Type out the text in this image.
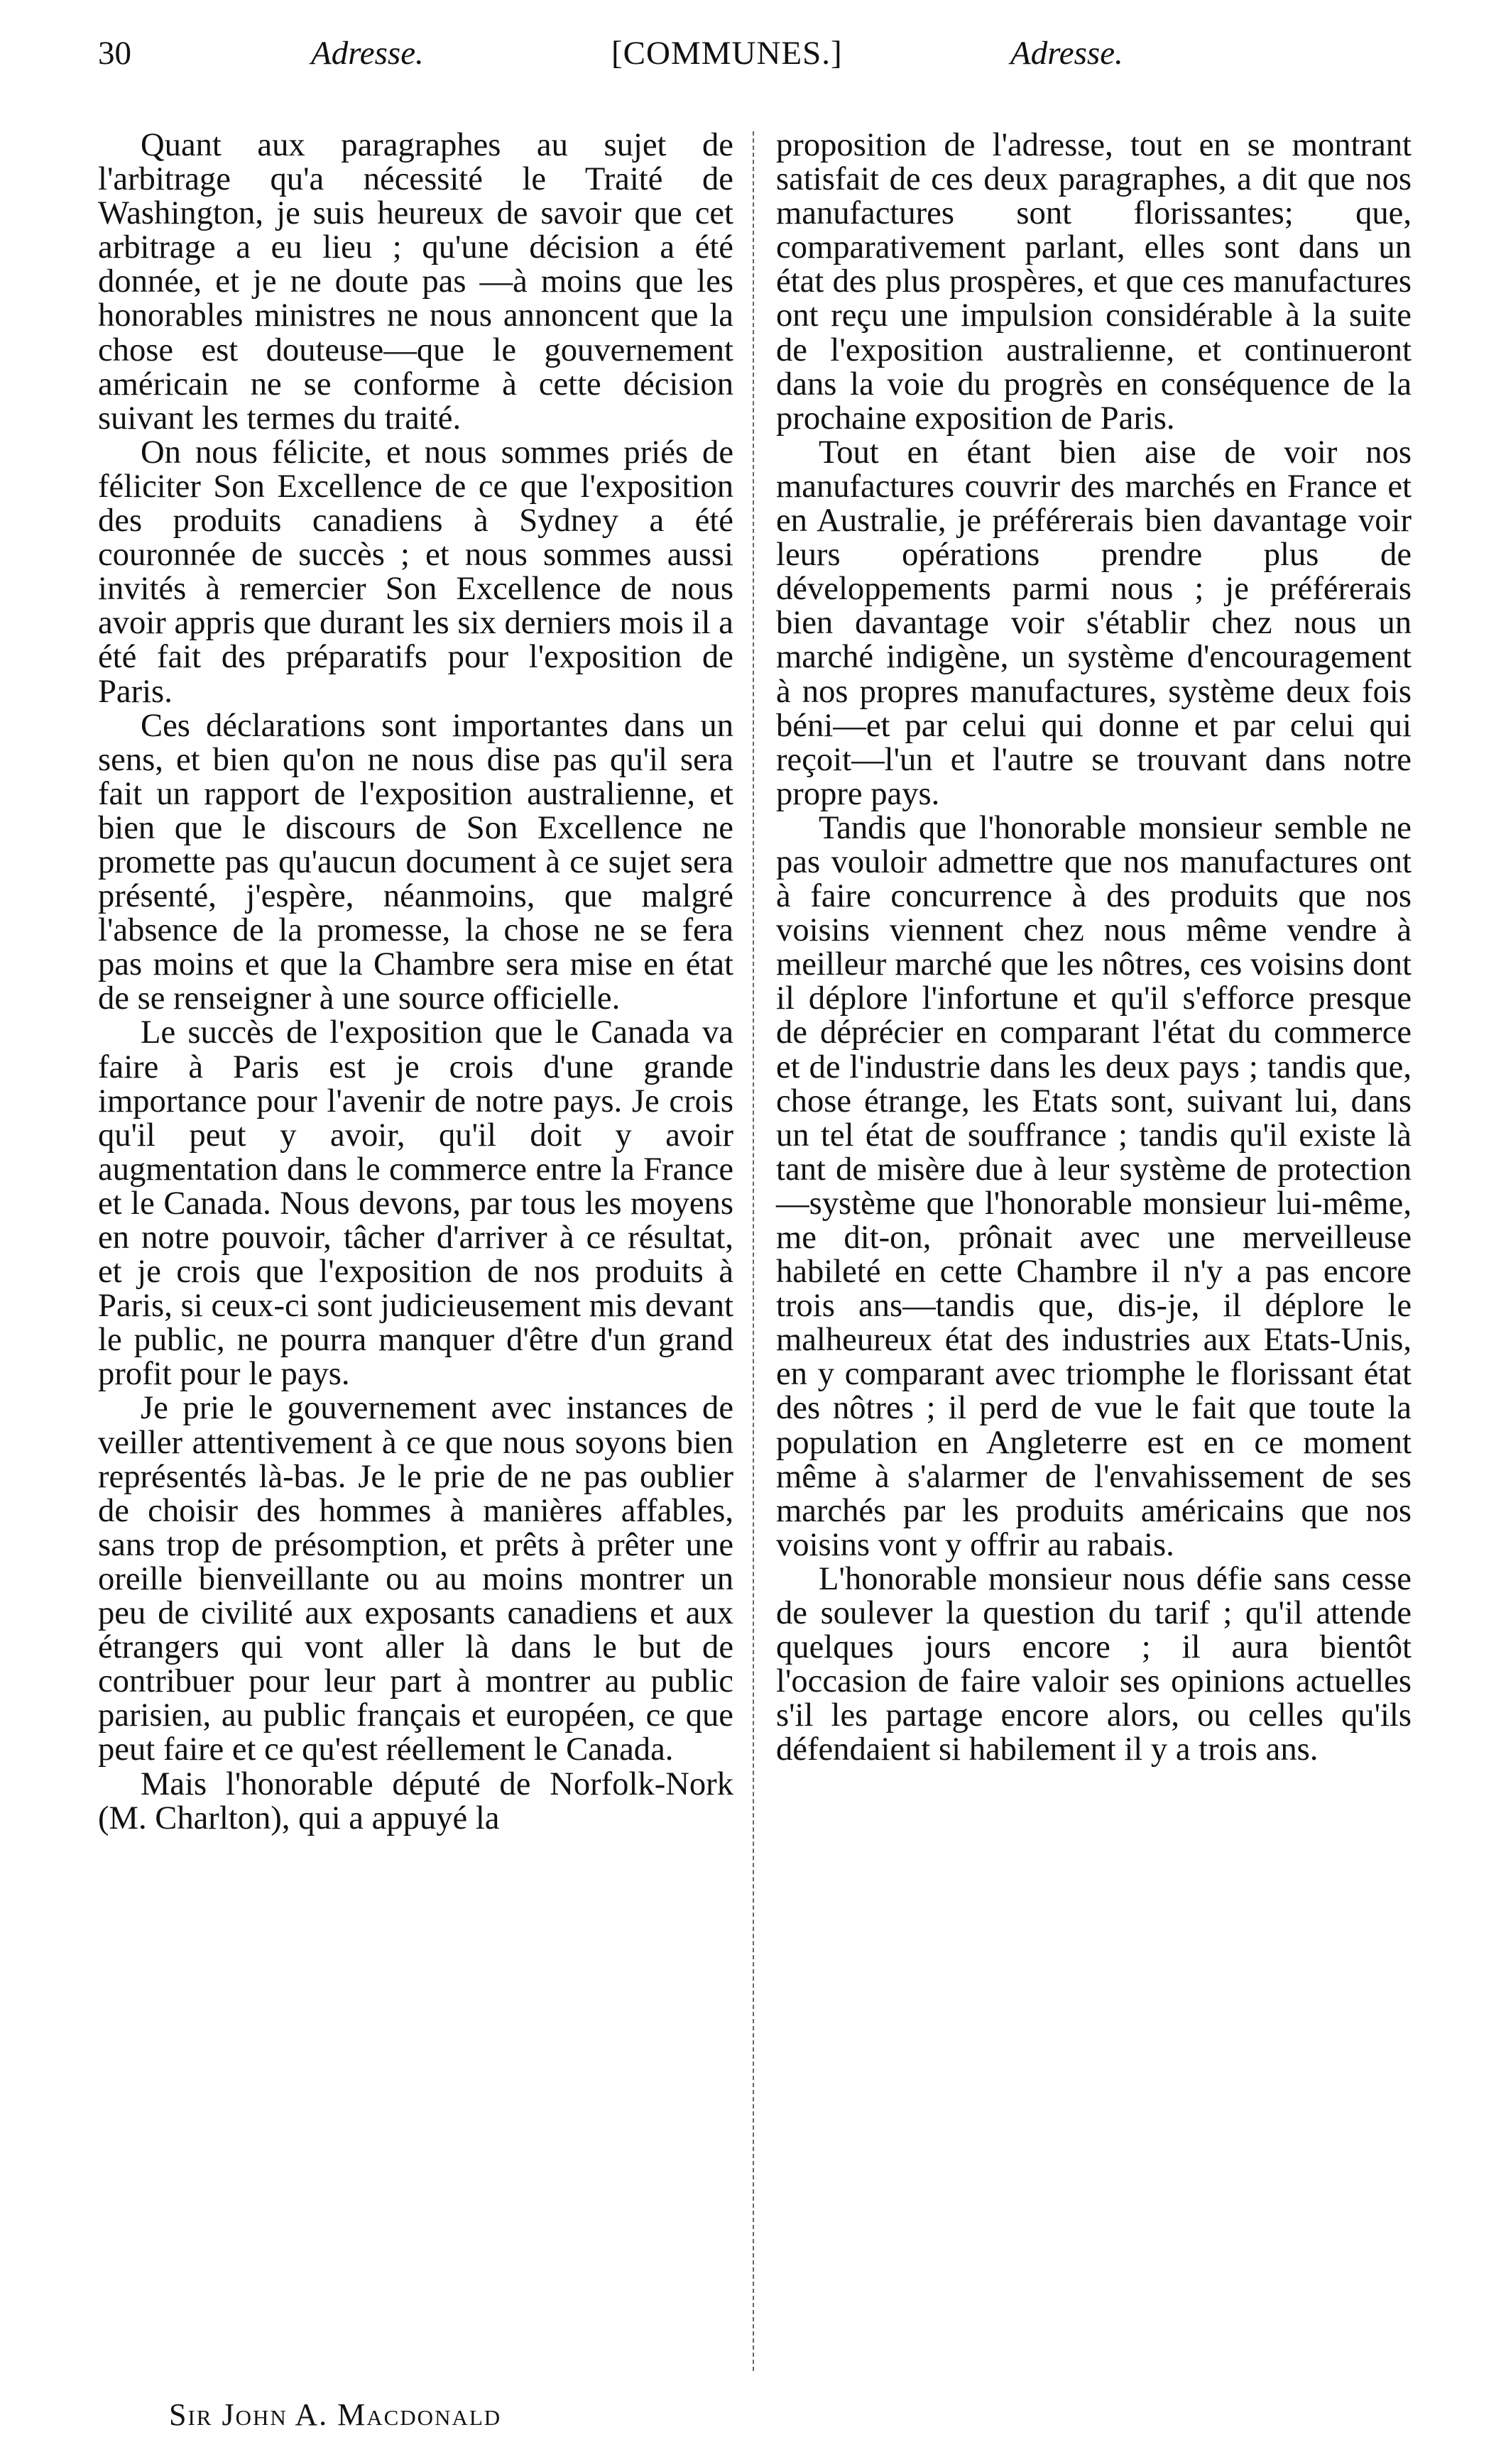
30	Adresse.	[COMMUNES.]	Adresse.

Quant aux paragraphes au sujet de l'arbitrage qu'a nécessité le Traité de Washington, je suis heureux de savoir que cet arbitrage a eu lieu ; qu'une décision a été donnée, et je ne doute pas —à moins que les honorables ministres ne nous annoncent que la chose est douteuse—que le gouvernement américain ne se conforme à cette décision suivant les termes du traité.

On nous félicite, et nous sommes priés de féliciter Son Excellence de ce que l'exposition des produits canadiens à Sydney a été couronnée de succès ; et nous sommes aussi invités à remercier Son Excellence de nous avoir appris que durant les six derniers mois il a été fait des préparatifs pour l'exposition de Paris.

Ces déclarations sont importantes dans un sens, et bien qu'on ne nous dise pas qu'il sera fait un rapport de l'exposition australienne, et bien que le discours de Son Excellence ne promette pas qu'aucun document à ce sujet sera présenté, j'espère, néanmoins, que malgré l'absence de la promesse, la chose ne se fera pas moins et que la Chambre sera mise en état de se renseigner à une source officielle.

Le succès de l'exposition que le Canada va faire à Paris est je crois d'une grande importance pour l'avenir de notre pays. Je crois qu'il peut y avoir, qu'il doit y avoir augmentation dans le commerce entre la France et le Canada. Nous devons, par tous les moyens en notre pouvoir, tâcher d'arriver à ce résultat, et je crois que l'exposition de nos produits à Paris, si ceux-ci sont judicieusement mis devant le public, ne pourra manquer d'être d'un grand profit pour le pays.

Je prie le gouvernement avec instances de veiller attentivement à ce que nous soyons bien représentés là-bas. Je le prie de ne pas oublier de choisir des hommes à manières affables, sans trop de présomption, et prêts à prêter une oreille bienveillante ou au moins montrer un peu de civilité aux exposants canadiens et aux étrangers qui vont aller là dans le but de contribuer pour leur part à montrer au public parisien, au public français et européen, ce que peut faire et ce qu'est réellement le Canada.

Mais l'honorable député de Norfolk-Nork (M. Charlton), qui a appuyé la

proposition de l'adresse, tout en se montrant satisfait de ces deux paragraphes, a dit que nos manufactures sont florissantes; que, comparativement parlant, elles sont dans un état des plus prospères, et que ces manufactures ont reçu une impulsion considérable à la suite de l'exposition australienne, et continueront dans la voie du progrès en conséquence de la prochaine exposition de Paris.

Tout en étant bien aise de voir nos manufactures couvrir des marchés en France et en Australie, je préférerais bien davantage voir leurs opérations prendre plus de développements parmi nous ; je préférerais bien davantage voir s'établir chez nous un marché indigène, un système d'encouragement à nos propres manufactures, système deux fois béni—et par celui qui donne et par celui qui reçoit—l'un et l'autre se trouvant dans notre propre pays.

Tandis que l'honorable monsieur semble ne pas vouloir admettre que nos manufactures ont à faire concurrence à des produits que nos voisins viennent chez nous même vendre à meilleur marché que les nôtres, ces voisins dont il déplore l'infortune et qu'il s'efforce presque de déprécier en comparant l'état du commerce et de l'industrie dans les deux pays ; tandis que, chose étrange, les Etats sont, suivant lui, dans un tel état de souffrance ; tandis qu'il existe là tant de misère due à leur système de protection—système que l'honorable monsieur lui-même, me dit-on, prônait avec une merveilleuse habileté en cette Chambre il n'y a pas encore trois ans—tandis que, dis-je, il déplore le malheureux état des industries aux Etats-Unis, en y comparant avec triomphe le florissant état des nôtres ; il perd de vue le fait que toute la population en Angleterre est en ce moment même à s'alarmer de l'envahissement de ses marchés par les produits américains que nos voisins vont y offrir au rabais.

L'honorable monsieur nous défie sans cesse de soulever la question du tarif ; qu'il attende quelques jours encore ; il aura bientôt l'occasion de faire valoir ses opinions actuelles s'il les partage encore alors, ou celles qu'ils défendaient si habilement il y a trois ans.

Sir John A. Macdonald
